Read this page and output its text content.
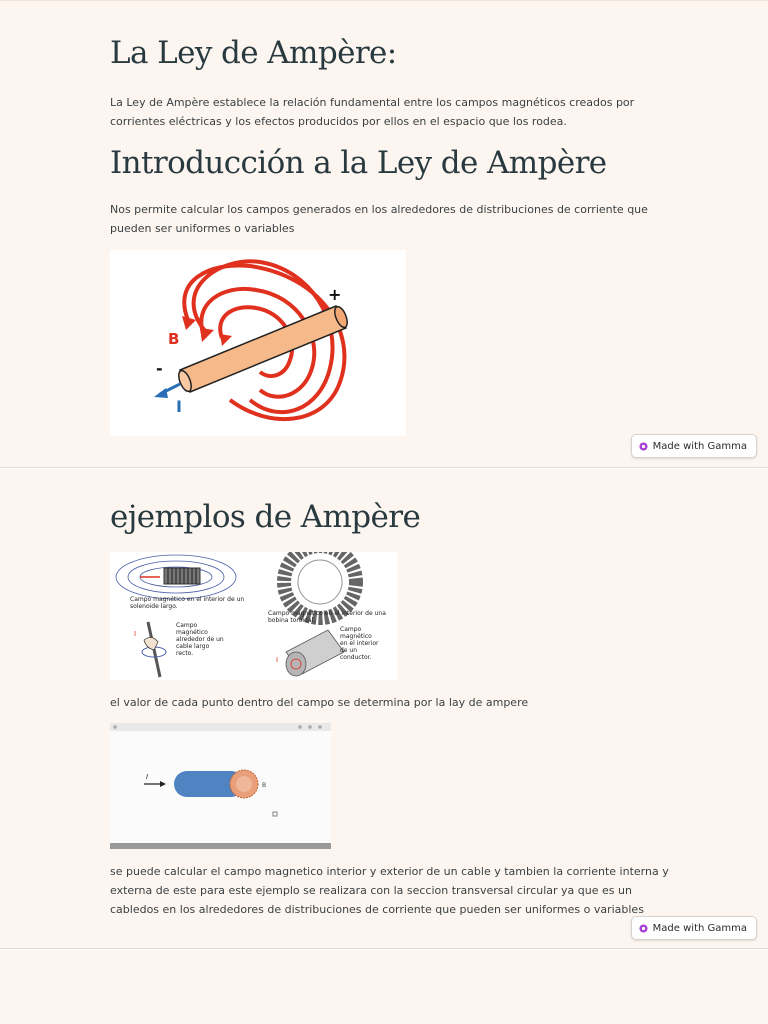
La Ley de Ampère:

La Ley de Ampère establece la relación fundamental entre los campos magnéticos creados por corrientes eléctricas y los efectos producidos por ellos en el espacio que los rodea.

Introducción a la Ley de Ampère

Nos permite calcular los campos generados en los alrededores de distribuciones de corriente que pueden ser uniformes o variables

B
I
+
-
Made with Gamma
ejemplos de Ampère
Campo magnético en el interior de un solenoide largo.
Campo magnético en el interior de una bobina toroidal.
I
Campo magnético alrededor de un cable largo recto.
I
Campo magnético en el interior de un conductor.

el valor de cada punto dentro del campo se determina por la lay de ampere

I
B

se puede calcular el campo magnetico interior y exterior de un cable y tambien la corriente interna y externa de este para este ejemplo se realizara con la seccion transversal circular ya que es un cabledos en los alrededores de distribuciones de corriente que pueden ser uniformes o variables

Made with Gamma
